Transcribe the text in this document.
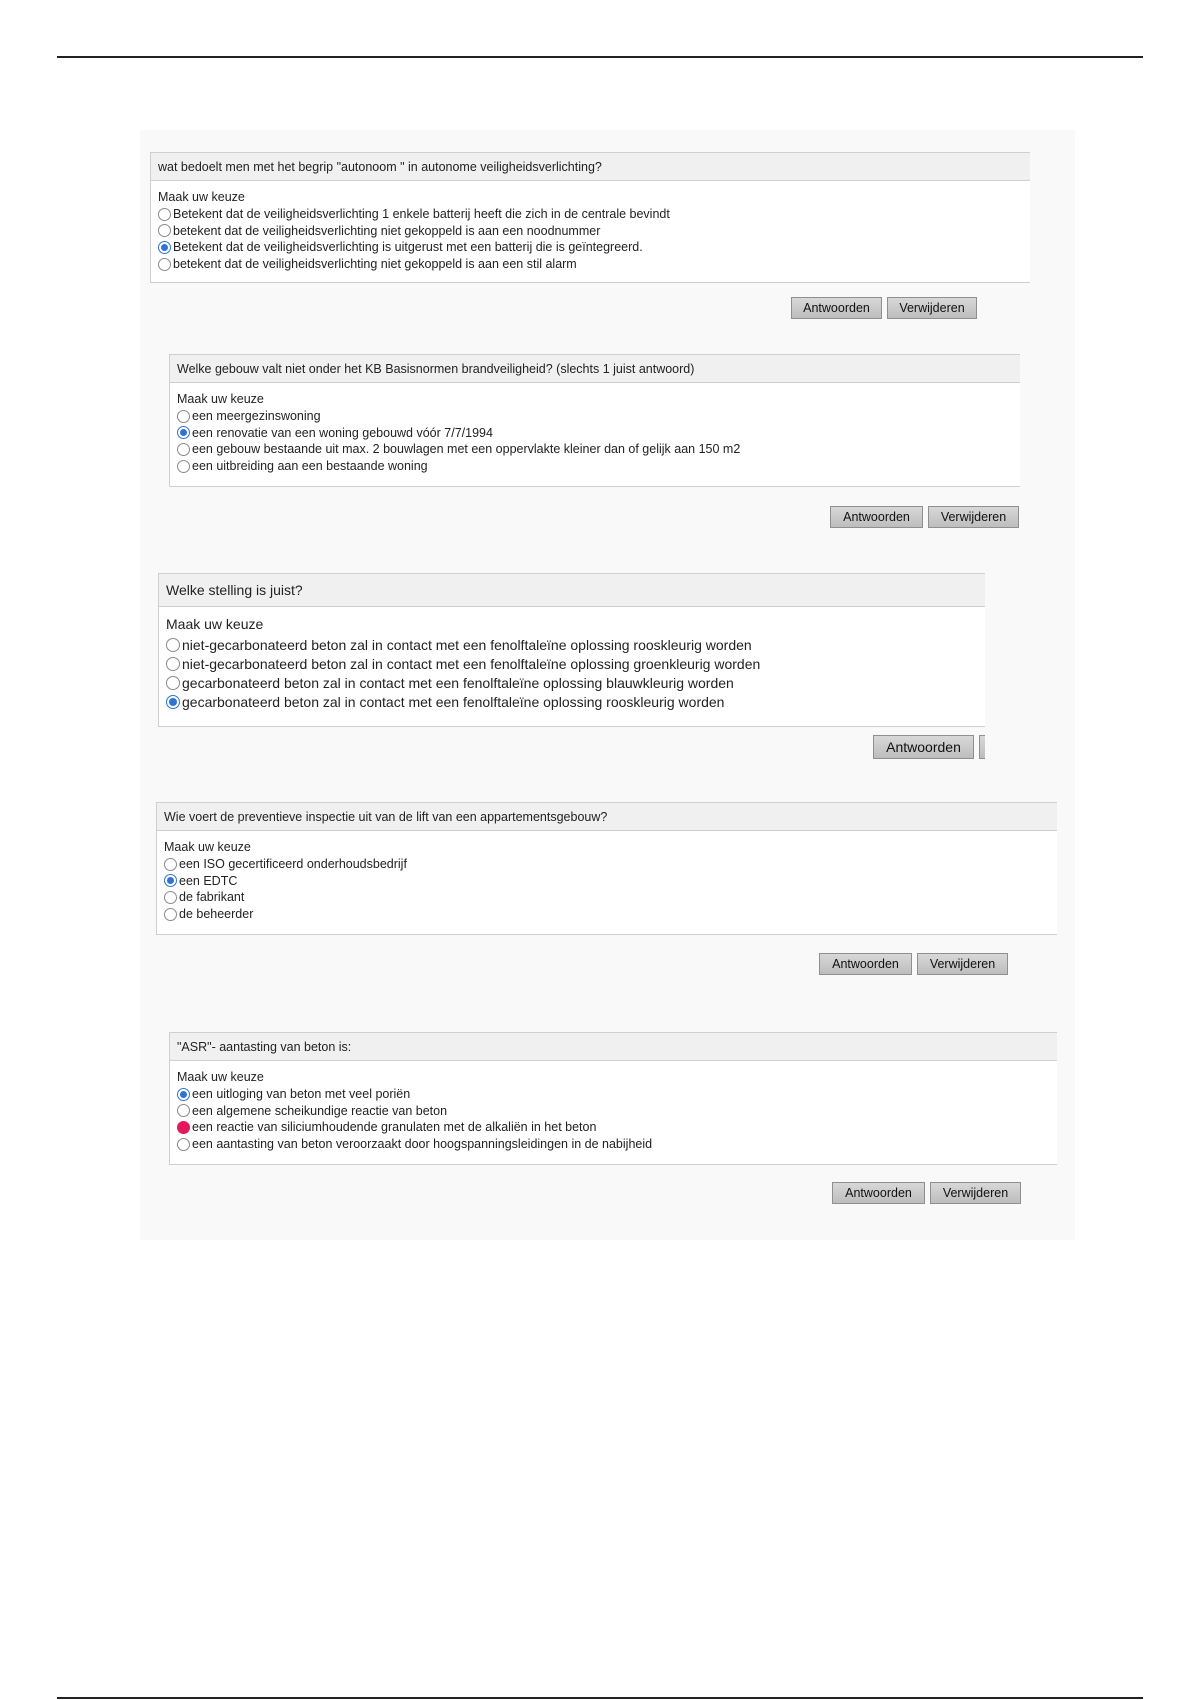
wat bedoelt men met het begrip "autonoom " in autonome veiligheidsverlichting?
Maak uw keuze
Betekent dat de veiligheidsverlichting 1 enkele batterij heeft die zich in de centrale bevindt
betekent dat de veiligheidsverlichting niet gekoppeld is aan een noodnummer
Betekent dat de veiligheidsverlichting is uitgerust met een batterij die is geïntegreerd.
betekent dat de veiligheidsverlichting niet gekoppeld is aan een stil alarm
Antwoorden	Verwijderen
Welke gebouw valt niet onder het KB Basisnormen brandveiligheid? (slechts 1 juist antwoord)
Maak uw keuze
een meergezinswoning
een renovatie van een woning gebouwd vóór 7/7/1994
een gebouw bestaande uit max. 2 bouwlagen met een oppervlakte kleiner dan of gelijk aan 150 m2
een uitbreiding aan een bestaande woning
Antwoorden	Verwijderen
Welke stelling is juist?
Maak uw keuze
niet-gecarbonateerd beton zal in contact met een fenolftaleïne oplossing rooskleurig worden
niet-gecarbonateerd beton zal in contact met een fenolftaleïne oplossing groenkleurig worden
gecarbonateerd beton zal in contact met een fenolftaleïne oplossing blauwkleurig worden
gecarbonateerd beton zal in contact met een fenolftaleïne oplossing rooskleurig worden
Antwoorden
Wie voert de preventieve inspectie uit van de lift van een appartementsgebouw?
Maak uw keuze
een ISO gecertificeerd onderhoudsbedrijf
een EDTC
de fabrikant
de beheerder
Antwoorden	Verwijderen
"ASR"- aantasting van beton is:
Maak uw keuze
een uitloging van beton met veel poriën
een algemene scheikundige reactie van beton
een reactie van siliciumhoudende granulaten met de alkaliën in het beton
een aantasting van beton veroorzaakt door hoogspanningsleidingen in de nabijheid
Antwoorden	Verwijderen
